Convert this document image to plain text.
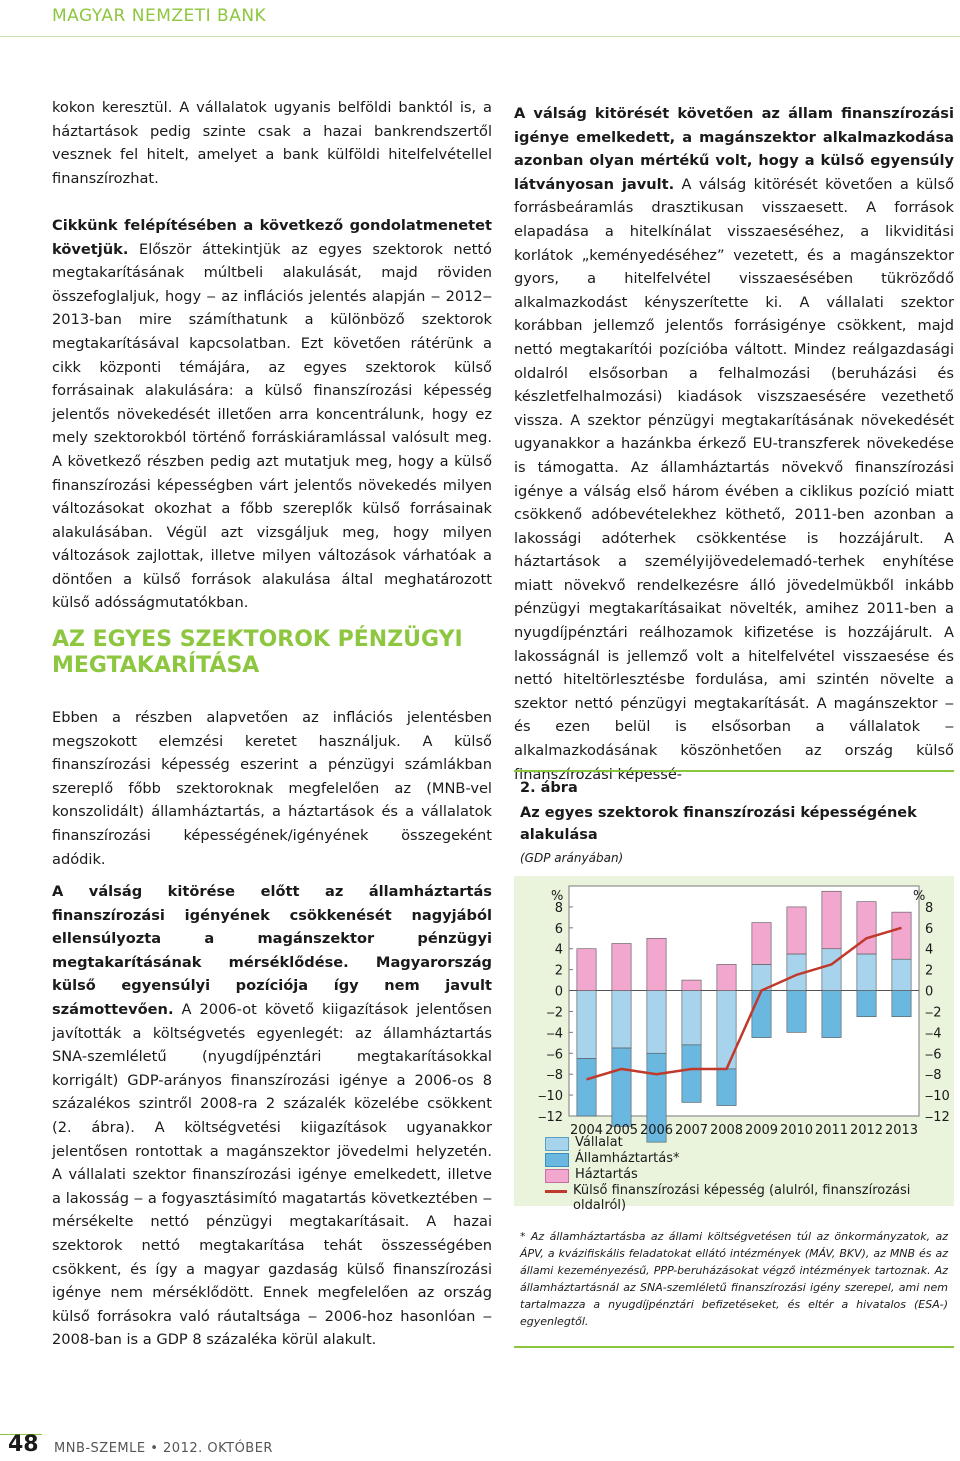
MAGYAR NEMZETI BANK

kokon keresztül. A vállalatok ugyanis belföldi banktól is, a háztartások pedig szinte csak a hazai bankrendszertől vesznek fel hitelt, amelyet a bank külföldi hitelfelvétellel finanszírozhat.

Cikkünk felépítésében a következő gondolatmenetet követjük. Először áttekintjük az egyes szektorok nettó megtakarításának múltbeli alakulását, majd röviden összefoglaljuk, hogy ‒ az inflációs jelentés alapján ‒ 2012‒2013-ban mire számíthatunk a különböző szektorok megtakarításával kapcsolatban. Ezt követően rátérünk a cikk központi témájára, az egyes szektorok külső forrásainak alakulására: a külső finanszírozási képesség jelentős növekedését illetően arra koncentrálunk, hogy ez mely szektorokból történő forráskiáramlással valósult meg. A következő részben pedig azt mutatjuk meg, hogy a külső finanszírozási képességben várt jelentős növekedés milyen változásokat okozhat a főbb szereplők külső forrásainak alakulásában. Végül azt vizsgáljuk meg, hogy milyen változások zajlottak, illetve milyen változások várhatóak a döntően a külső források alakulása által meghatározott külső adósságmutatókban.

AZ EGYES SZEKTOROK PÉNZÜGYI
MEGTAKARÍTÁSA

Ebben a részben alapvetően az inflációs jelentésben megszokott elemzési keretet használjuk. A külső finanszírozási képesség eszerint a pénzügyi számlákban szereplő főbb szektoroknak megfelelően az (MNB-vel konszolidált) államháztartás, a háztartások és a vállalatok finanszírozási képességének/igényének összegeként adódik.

A válság kitörése előtt az államháztartás finanszírozási igényének csökkenését nagyjából ellensúlyozta a magánszektor pénzügyi megtakarításának mérséklődése. Magyarország külső egyensúlyi pozíciója így nem javult számottevően. A 2006-ot követő kiigazítások jelentősen javították a költségvetés egyenlegét: az államháztartás SNA-szemléletű (nyugdíjpénztári megtakarításokkal korrigált) GDP-arányos finanszírozási igénye a 2006-os 8 százalékos szintről 2008-ra 2 százalék közelébe csökkent (2. ábra). A költségvetési kiigazítások ugyanakkor jelentősen rontottak a magánszektor jövedelmi helyzetén. A vállalati szektor finanszírozási igénye emelkedett, illetve a lakosság ‒ a fogyasztásimító magatartás következtében ‒ mérsékelte nettó pénzügyi megtakarításait. A hazai szektorok nettó megtakarítása tehát összességében csökkent, és így a magyar gazdaság külső finanszírozási igénye nem mérséklődött. Ennek megfelelően az ország külső forrásokra való ráutaltsága ‒ 2006-hoz hasonlóan ‒ 2008-ban is a GDP 8 százaléka körül alakult.

A válság kitörését követően az állam finanszírozási igénye emelkedett, a magánszektor alkalmazkodása azonban olyan mértékű volt, hogy a külső egyensúly látványosan javult. A válság kitörését követően a külső forrásbeáramlás drasztikusan visszaesett. A források elapadása a hitelkínálat visszaeséséhez, a likviditási korlátok „keményedéséhez” vezetett, és a magánszektor gyors, a hitelfelvétel visszaesésében tükröződő alkalmazkodást kényszerítette ki. A vállalati szektor korábban jellemző jelentős forrásigénye csökkent, majd nettó megtakarítói pozícióba váltott. Mindez reálgazdasági oldalról elsősorban a felhalmozási (beruházási és készletfelhalmozási) kiadások viszszaesésére vezethető vissza. A szektor pénzügyi megtakarításának növekedését ugyanakkor a hazánkba érkező EU-transzferek növekedése is támogatta. Az államháztartás növekvő finanszírozási igénye a válság első három évében a ciklikus pozíció miatt csökkenő adóbevételekhez köthető, 2011-ben azonban a lakossági adóterhek csökkentése is hozzájárult. A háztartások a személyijövedelemadó-terhek enyhítése miatt növekvő rendelkezésre álló jövedelmükből inkább pénzügyi megtakarításaikat növelték, amihez 2011-ben a nyugdíjpénztári reálhozamok kifizetése is hozzájárult. A lakosságnál is jellemző volt a hitelfelvétel visszaesése és nettó hiteltörlesztésbe fordulása, ami szintén növelte a szektor nettó pénzügyi megtakarítását. A magánszektor ‒ és ezen belül is elsősorban a vállalatok ‒ alkalmazkodásának köszönhetően az ország külső finanszírozási képessé-

2. ábra
Az egyes szektorok finanszírozási képességének alakulása
(GDP arányában)
%	%
8	8
6	6
4	4
2	2
0	0
‒2	‒2
‒4	‒4
‒6	‒6
‒8	‒8
‒10	‒10
‒12	‒12
2004 2005 2006 2007 2008 2009 2010 2011 2012 2013
Vállalat
Államháztartás*
Háztartás
Külső finanszírozási képesség (alulról, finanszírozási oldalról)
* Az államháztartásba az állami költségvetésen túl az önkormányzatok, az ÁPV, a kvázifiskális feladatokat ellátó intézmények (MÁV, BKV), az MNB és az állami kezeményezésű, PPP-beruházásokat végző intézmények tartoznak. Az államháztartásnál az SNA-szemléletű finanszírozási igény szerepel, ami nem tartalmazza a nyugdíjpénztári befizetéseket, és eltér a hivatalos (ESA-) egyenlegtől.
48 MNB-SZEMLE • 2012. OKTÓBER
